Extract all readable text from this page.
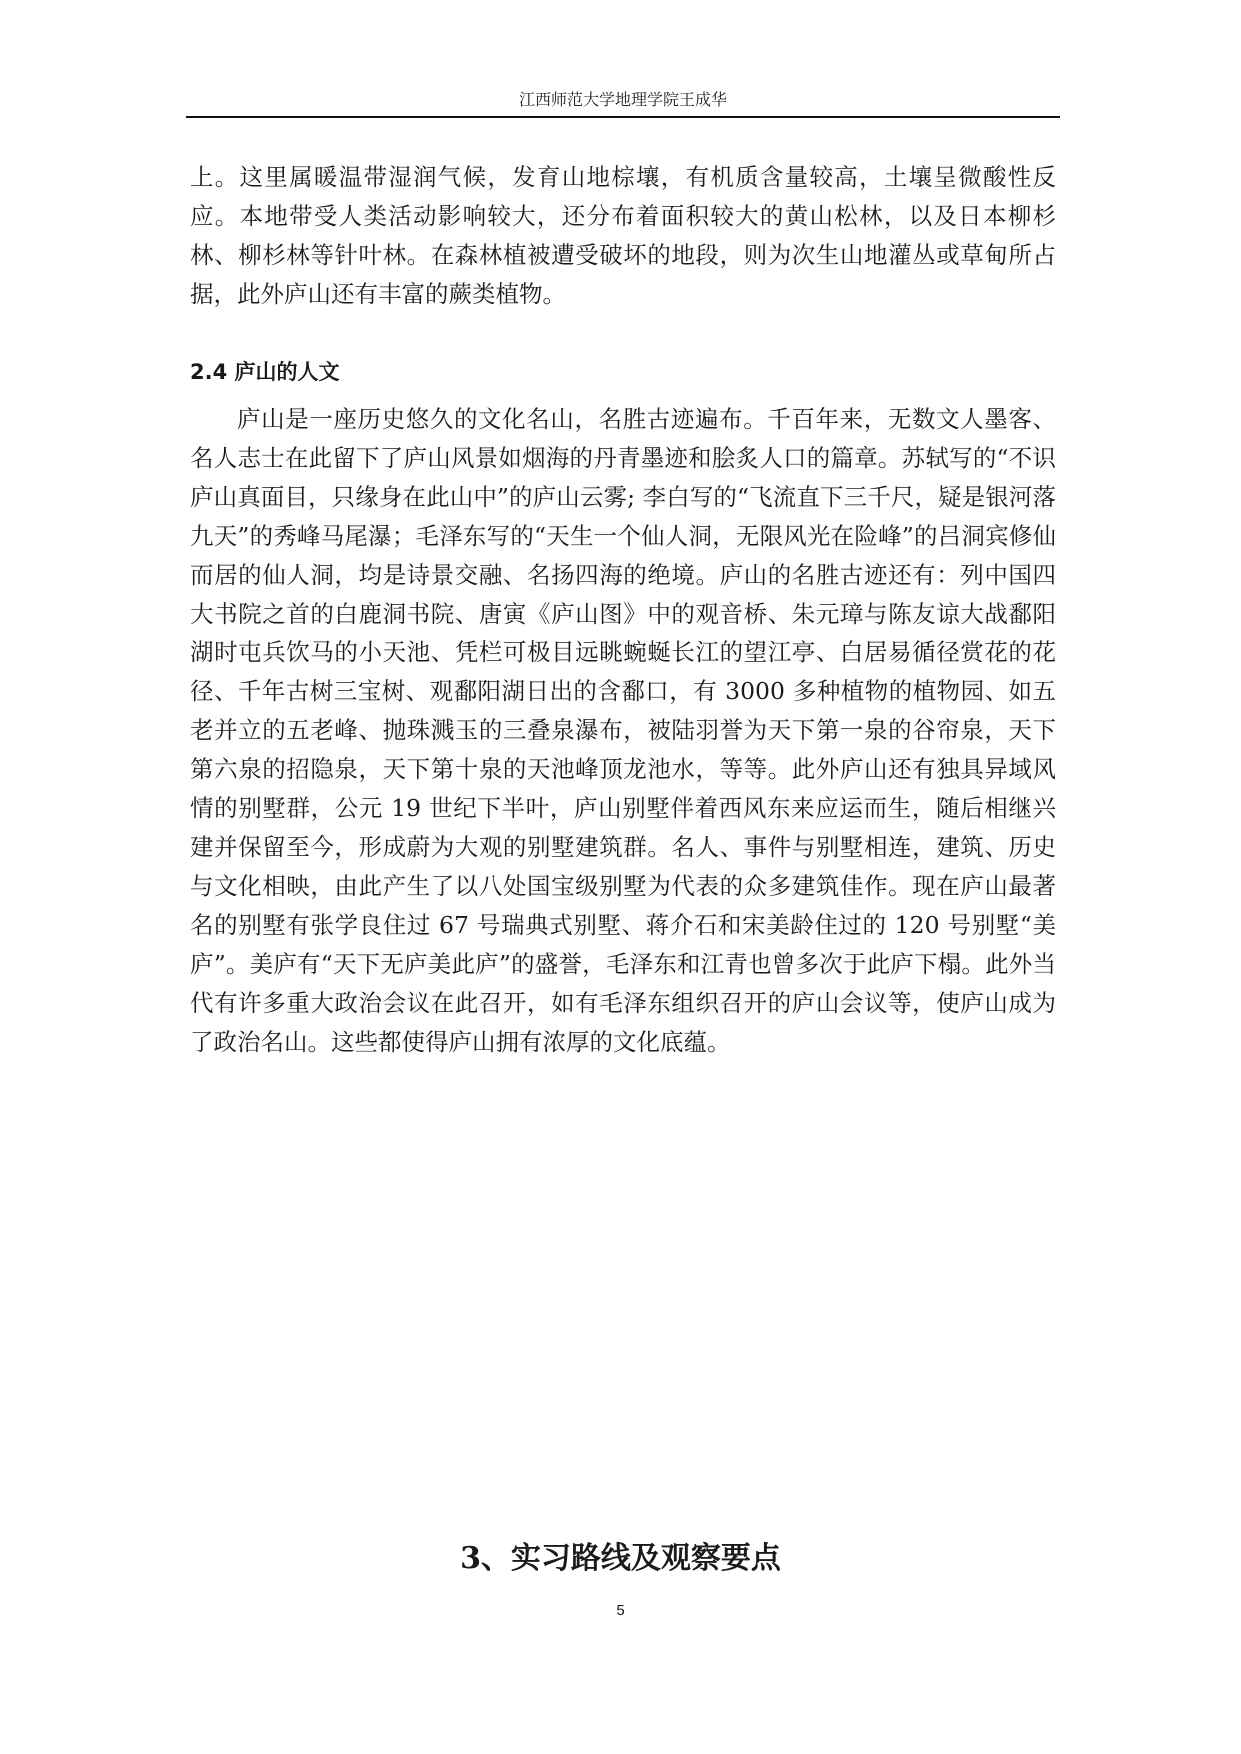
江西师范大学地理学院王成华

上。这里属暖温带湿润气候，发育山地棕壤，有机质含量较高，土壤呈微酸性反应。本地带受人类活动影响较大，还分布着面积较大的黄山松林，以及日本柳杉林、柳杉林等针叶林。在森林植被遭受破坏的地段，则为次生山地灌丛或草甸所占据，此外庐山还有丰富的蕨类植物。

2.4 庐山的人文

庐山是一座历史悠久的文化名山，名胜古迹遍布。千百年来，无数文人墨客、名人志士在此留下了庐山风景如烟海的丹青墨迹和脍炙人口的篇章。苏轼写的“不识庐山真面目，只缘身在此山中”的庐山云雾; 李白写的“飞流直下三千尺，疑是银河落九天”的秀峰马尾瀑；毛泽东写的“天生一个仙人洞，无限风光在险峰”的吕洞宾修仙而居的仙人洞，均是诗景交融、名扬四海的绝境。庐山的名胜古迹还有：列中国四大书院之首的白鹿洞书院、唐寅《庐山图》中的观音桥、朱元璋与陈友谅大战鄱阳湖时屯兵饮马的小天池、凭栏可极目远眺蜿蜒长江的望江亭、白居易循径赏花的花径、千年古树三宝树、观鄱阳湖日出的含鄱口，有 3000 多种植物的植物园、如五老并立的五老峰、抛珠溅玉的三叠泉瀑布，被陆羽誉为天下第一泉的谷帘泉，天下第六泉的招隐泉，天下第十泉的天池峰顶龙池水，等等。此外庐山还有独具异域风情的别墅群，公元 19 世纪下半叶，庐山别墅伴着西风东来应运而生，随后相继兴建并保留至今，形成蔚为大观的别墅建筑群。名人、事件与别墅相连，建筑、历史与文化相映，由此产生了以八处国宝级别墅为代表的众多建筑佳作。现在庐山最著名的别墅有张学良住过 67 号瑞典式别墅、蒋介石和宋美龄住过的 120 号别墅“美庐”。美庐有“天下无庐美此庐”的盛誉，毛泽东和江青也曾多次于此庐下榻。此外当代有许多重大政治会议在此召开，如有毛泽东组织召开的庐山会议等，使庐山成为了政治名山。这些都使得庐山拥有浓厚的文化底蕴。

3、实习路线及观察要点
5
